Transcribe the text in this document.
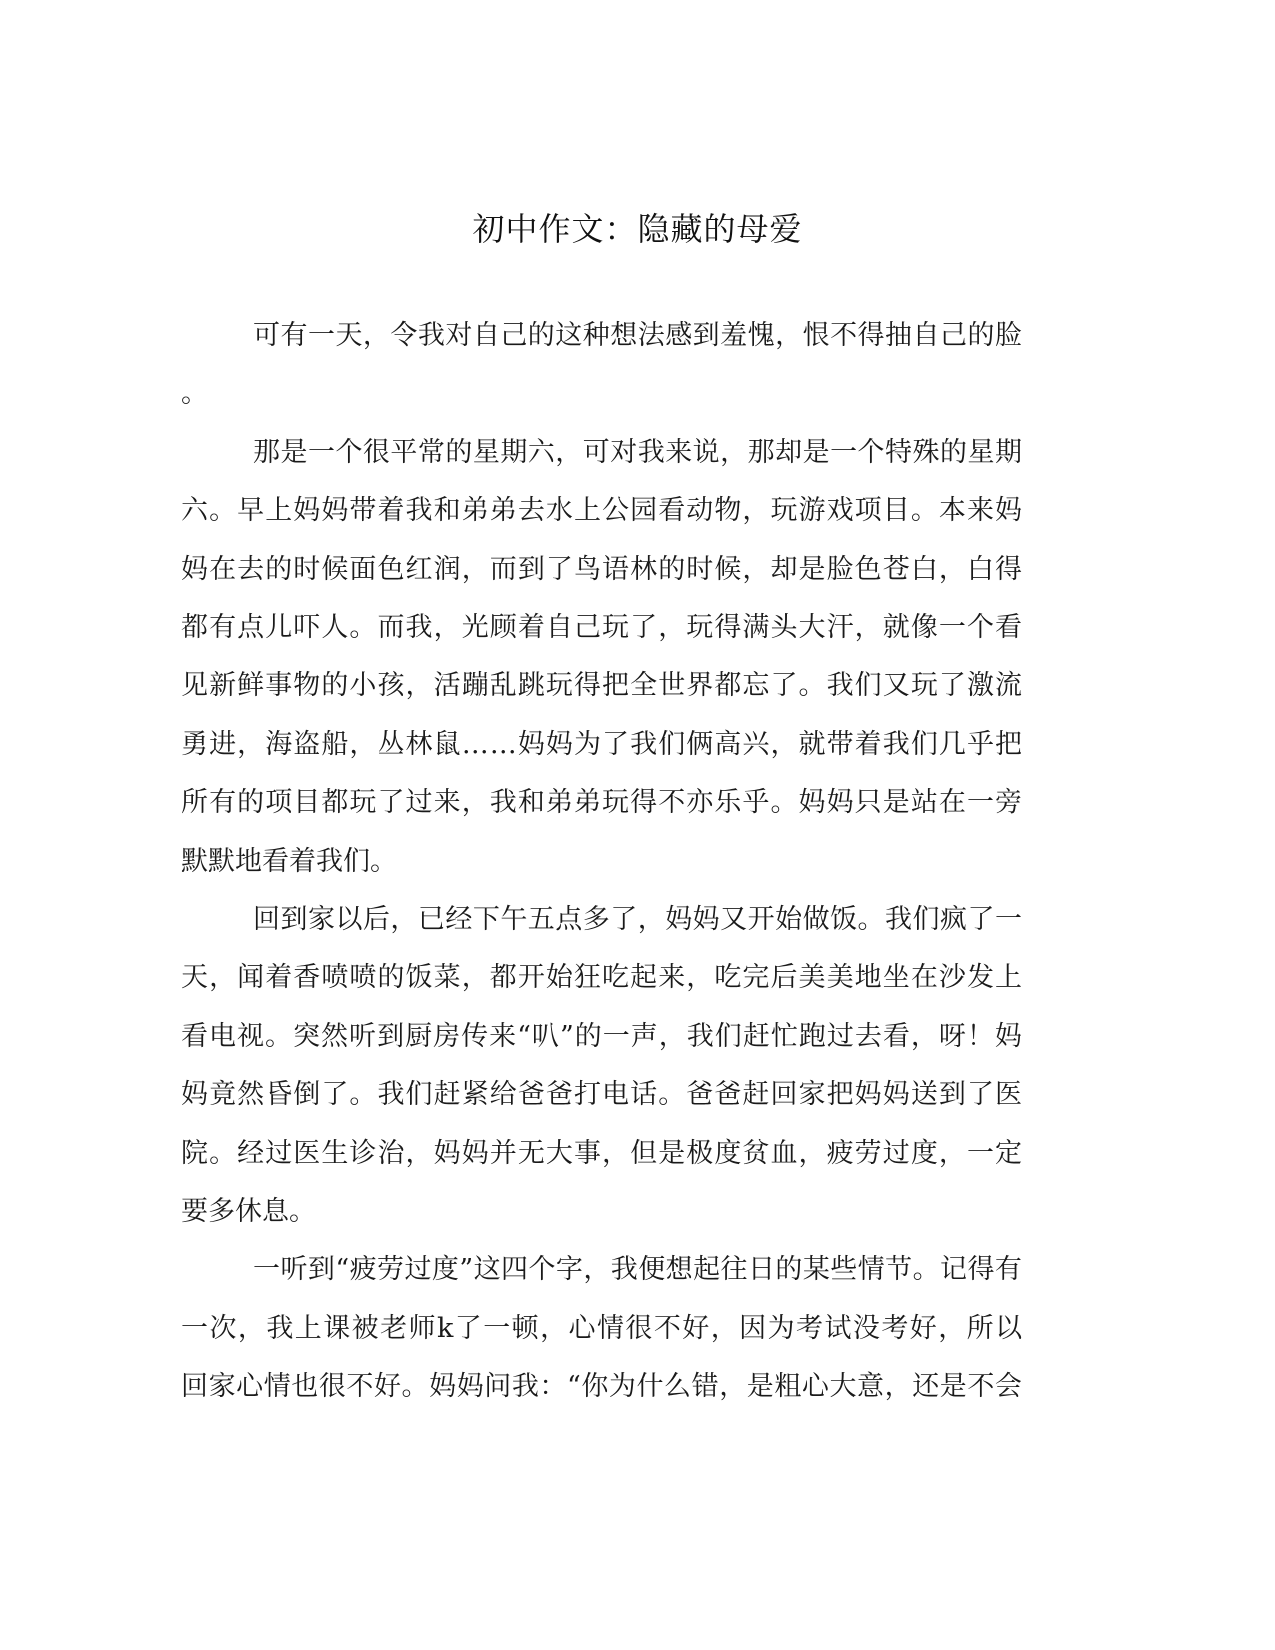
初中作文：隐藏的母爱
可有一天，令我对自己的这种想法感到羞愧，恨不得抽自己的脸
。
那是一个很平常的星期六，可对我来说，那却是一个特殊的星期
六。早上妈妈带着我和弟弟去水上公园看动物，玩游戏项目。本来妈
妈在去的时候面色红润，而到了鸟语林的时候，却是脸色苍白，白得
都有点儿吓人。而我，光顾着自己玩了，玩得满头大汗，就像一个看
见新鲜事物的小孩，活蹦乱跳玩得把全世界都忘了。我们又玩了激流
勇进，海盗船，丛林鼠……妈妈为了我们俩高兴，就带着我们几乎把
所有的项目都玩了过来，我和弟弟玩得不亦乐乎。妈妈只是站在一旁
默默地看着我们。
回到家以后，已经下午五点多了，妈妈又开始做饭。我们疯了一
天，闻着香喷喷的饭菜，都开始狂吃起来，吃完后美美地坐在沙发上
看电视。突然听到厨房传来“叭”的一声，我们赶忙跑过去看，呀！妈
妈竟然昏倒了。我们赶紧给爸爸打电话。爸爸赶回家把妈妈送到了医
院。经过医生诊治，妈妈并无大事，但是极度贫血，疲劳过度，一定
要多休息。
一听到“疲劳过度”这四个字，我便想起往日的某些情节。记得有
一次，我上课被老师k了一顿，心情很不好，因为考试没考好，所以
回家心情也很不好。妈妈问我：“你为什么错，是粗心大意，还是不会
